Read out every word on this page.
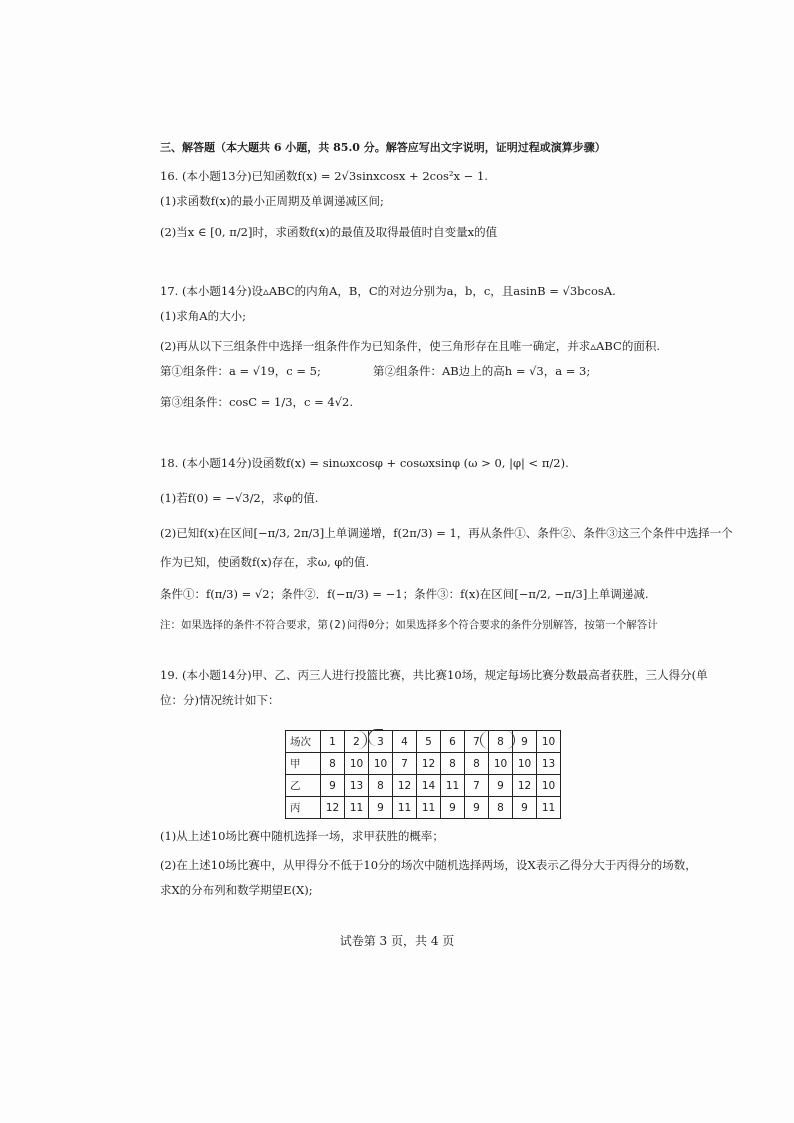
三、解答题（本大题共 6 小题，共 85.0 分。解答应写出文字说明，证明过程或演算步骤）
16. (本小题13分)已知函数f(x) = 2√3sinxcosx + 2cos²x − 1.
(1)求函数f(x)的最小正周期及单调递减区间;
(2)当x ∈ [0, π/2]时，求函数f(x)的最值及取得最值时自变量x的值
17. (本小题14分)设▵ABC的内角A，B，C的对边分别为a，b，c，且asinB = √3bcosA.
(1)求角A的大小;
(2)再从以下三组条件中选择一组条件作为已知条件，使三角形存在且唯一确定，并求▵ABC的面积.
第①组条件：a = √19，c = 5;	第②组条件：AB边上的高h = √3，a = 3;
第③组条件：cosC = 1/3，c = 4√2.
18. (本小题14分)设函数f(x) = sinωxcosφ + cosωxsinφ (ω > 0, |φ| < π/2).
(1)若f(0) = −√3/2，求φ的值.
(2)已知f(x)在区间[−π/3, 2π/3]上单调递增，f(2π/3) = 1，再从条件①、条件②、条件③这三个条件中选择一个
作为已知，使函数f(x)存在，求ω, φ的值.
条件①：f(π/3) = √2；条件②．f(−π/3) = −1；条件③：f(x)在区间[−π/2, −π/3]上单调递减.
注：如果选择的条件不符合要求，第(2)问得0分；如果选择多个符合要求的条件分别解答，按第一个解答计
19. (本小题14分)甲、乙、丙三人进行投篮比赛，共比赛10场，规定每场比赛分数最高者获胜，三人得分(单
位：分)情况统计如下：
场次	1	2	3	4	5	6	7	8	9	10
甲	8	10	10	7	12	8	8	10	10	13
乙	9	13	8	12	14	11	7	9	12	10
丙	12	11	9	11	11	9	9	8	9	11
(1)从上述10场比赛中随机选择一场，求甲获胜的概率；
(2)在上述10场比赛中，从甲得分不低于10分的场次中随机选择两场，设X表示乙得分大于丙得分的场数，
求X的分布列和数学期望E(X);
试卷第 3 页，共 4 页
